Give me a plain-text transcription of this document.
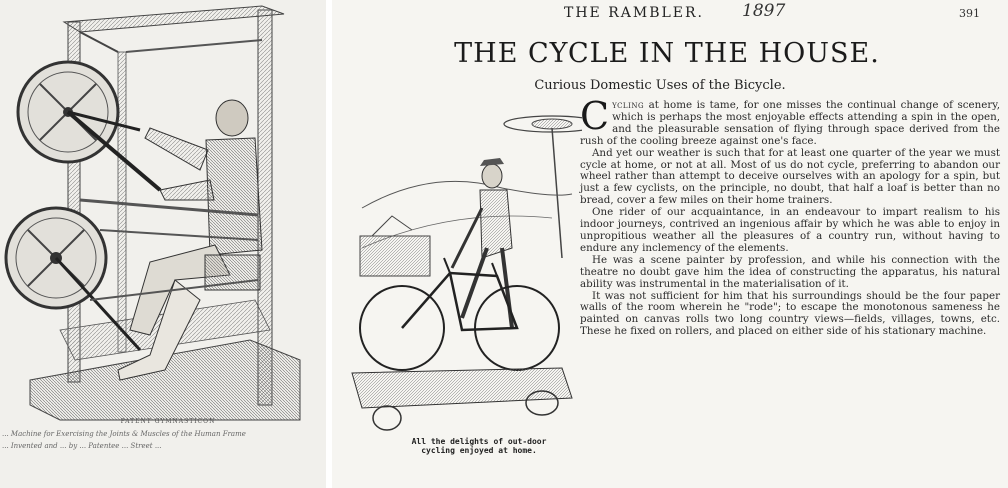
PATENT GYMNASTICON
... Machine for Exercising the Joints & Muscles of the Human Frame
... Invented and ... by ... Patentee ... Street ...
THE RAMBLER. 1897	391
THE CYCLE IN THE HOUSE.
Curious Domestic Uses of the Bicycle.
All the delights of out-door cycling enjoyed at home.

Cycling at home is tame, for one misses the continual change of scenery, which is perhaps the most enjoyable effects attending a spin in the open, and the pleasurable sensation of flying through space derived from the rush of the cooling breeze against one's face.

And yet our weather is such that for at least one quarter of the year we must cycle at home, or not at all. Most of us do not cycle, preferring to abandon our wheel rather than attempt to deceive ourselves with an apology for a spin, but just a few cyclists, on the principle, no doubt, that half a loaf is better than no bread, cover a few miles on their home trainers.

One rider of our acquaintance, in an endeavour to impart realism to his indoor journeys, contrived an ingenious affair by which he was able to enjoy in unpropitious weather all the pleasures of a country run, without having to endure any inclemency of the elements.

He was a scene painter by profession, and while his connection with the theatre no doubt gave him the idea of constructing the apparatus, his natural ability was instrumental in the materialisation of it.

It was not sufficient for him that his surroundings should be the four paper walls of the room wherein he "rode"; to escape the monotonous sameness he painted on canvas rolls two long country views—fields, villages, towns, etc. These he fixed on rollers, and placed on either side of his stationary machine.
